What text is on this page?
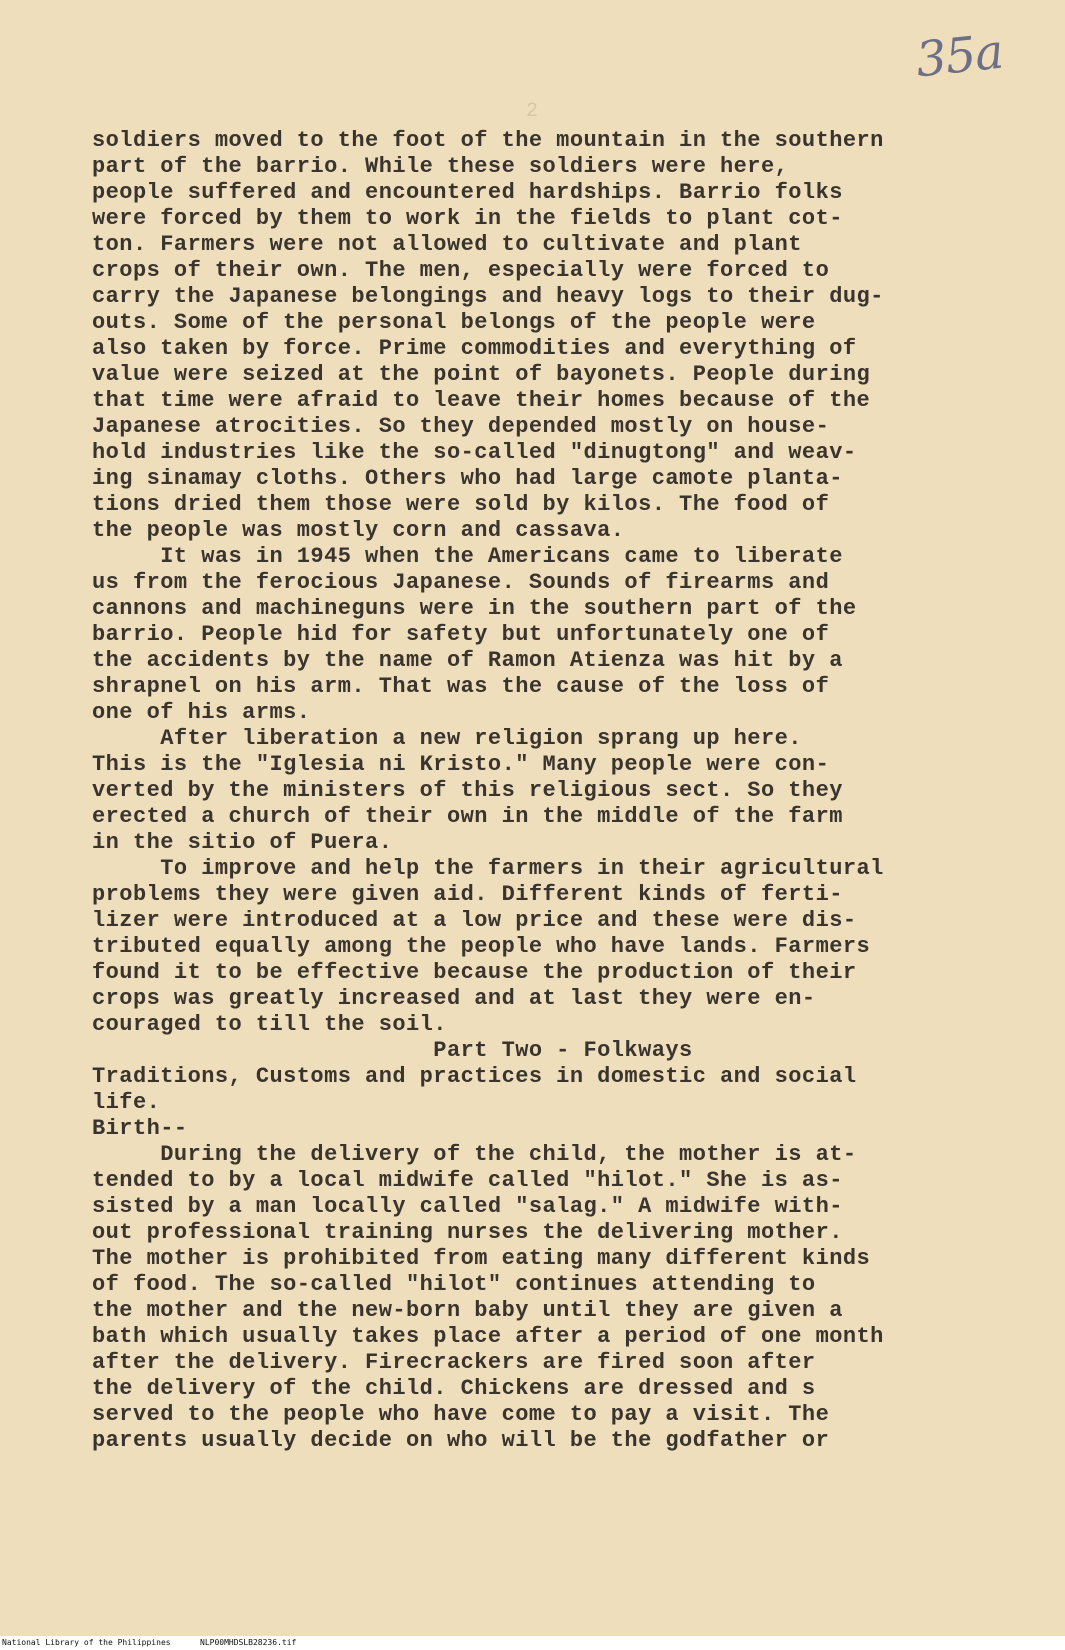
35a
2
soldiers moved to the foot of the mountain in the southern
part of the barrio. While these soldiers were here,
people suffered and encountered hardships. Barrio folks
were forced by them to work in the fields to plant cot-
ton. Farmers were not allowed to cultivate and plant
crops of their own. The men, especially were forced to
carry the Japanese belongings and heavy logs to their dug-
outs. Some of the personal belongs of the people were
also taken by force. Prime commodities and everything of
value were seized at the point of bayonets. People during
that time were afraid to leave their homes because of the
Japanese atrocities. So they depended mostly on house-
hold industries like the so-called "dinugtong" and weav-
ing sinamay cloths. Others who had large camote planta-
tions dried them those were sold by kilos. The food of
the people was mostly corn and cassava.
It was in 1945 when the Americans came to liberate
us from the ferocious Japanese. Sounds of firearms and
cannons and machineguns were in the southern part of the
barrio. People hid for safety but unfortunately one of
the accidents by the name of Ramon Atienza was hit by a
shrapnel on his arm. That was the cause of the loss of
one of his arms.
After liberation a new religion sprang up here.
This is the "Iglesia ni Kristo." Many people were con-
verted by the ministers of this religious sect. So they
erected a church of their own in the middle of the farm
in the sitio of Puera.
To improve and help the farmers in their agricultural
problems they were given aid. Different kinds of ferti-
lizer were introduced at a low price and these were dis-
tributed equally among the people who have lands. Farmers
found it to be effective because the production of their
crops was greatly increased and at last they were en-
couraged to till the soil.
Part Two - Folkways
Traditions, Customs and practices in domestic and social
life.
Birth--
During the delivery of the child, the mother is at-
tended to by a local midwife called "hilot." She is as-
sisted by a man locally called "salag." A midwife with-
out professional training nurses the delivering mother.
The mother is prohibited from eating many different kinds
of food. The so-called "hilot" continues attending to
the mother and the new-born baby until they are given a
bath which usually takes place after a period of one month
after the delivery. Firecrackers are fired soon after
the delivery of the child. Chickens are dressed and s
served to the people who have come to pay a visit. The
parents usually decide on who will be the godfather or
National Library of the Philippines	NLP00MHDSLB28236.tif
